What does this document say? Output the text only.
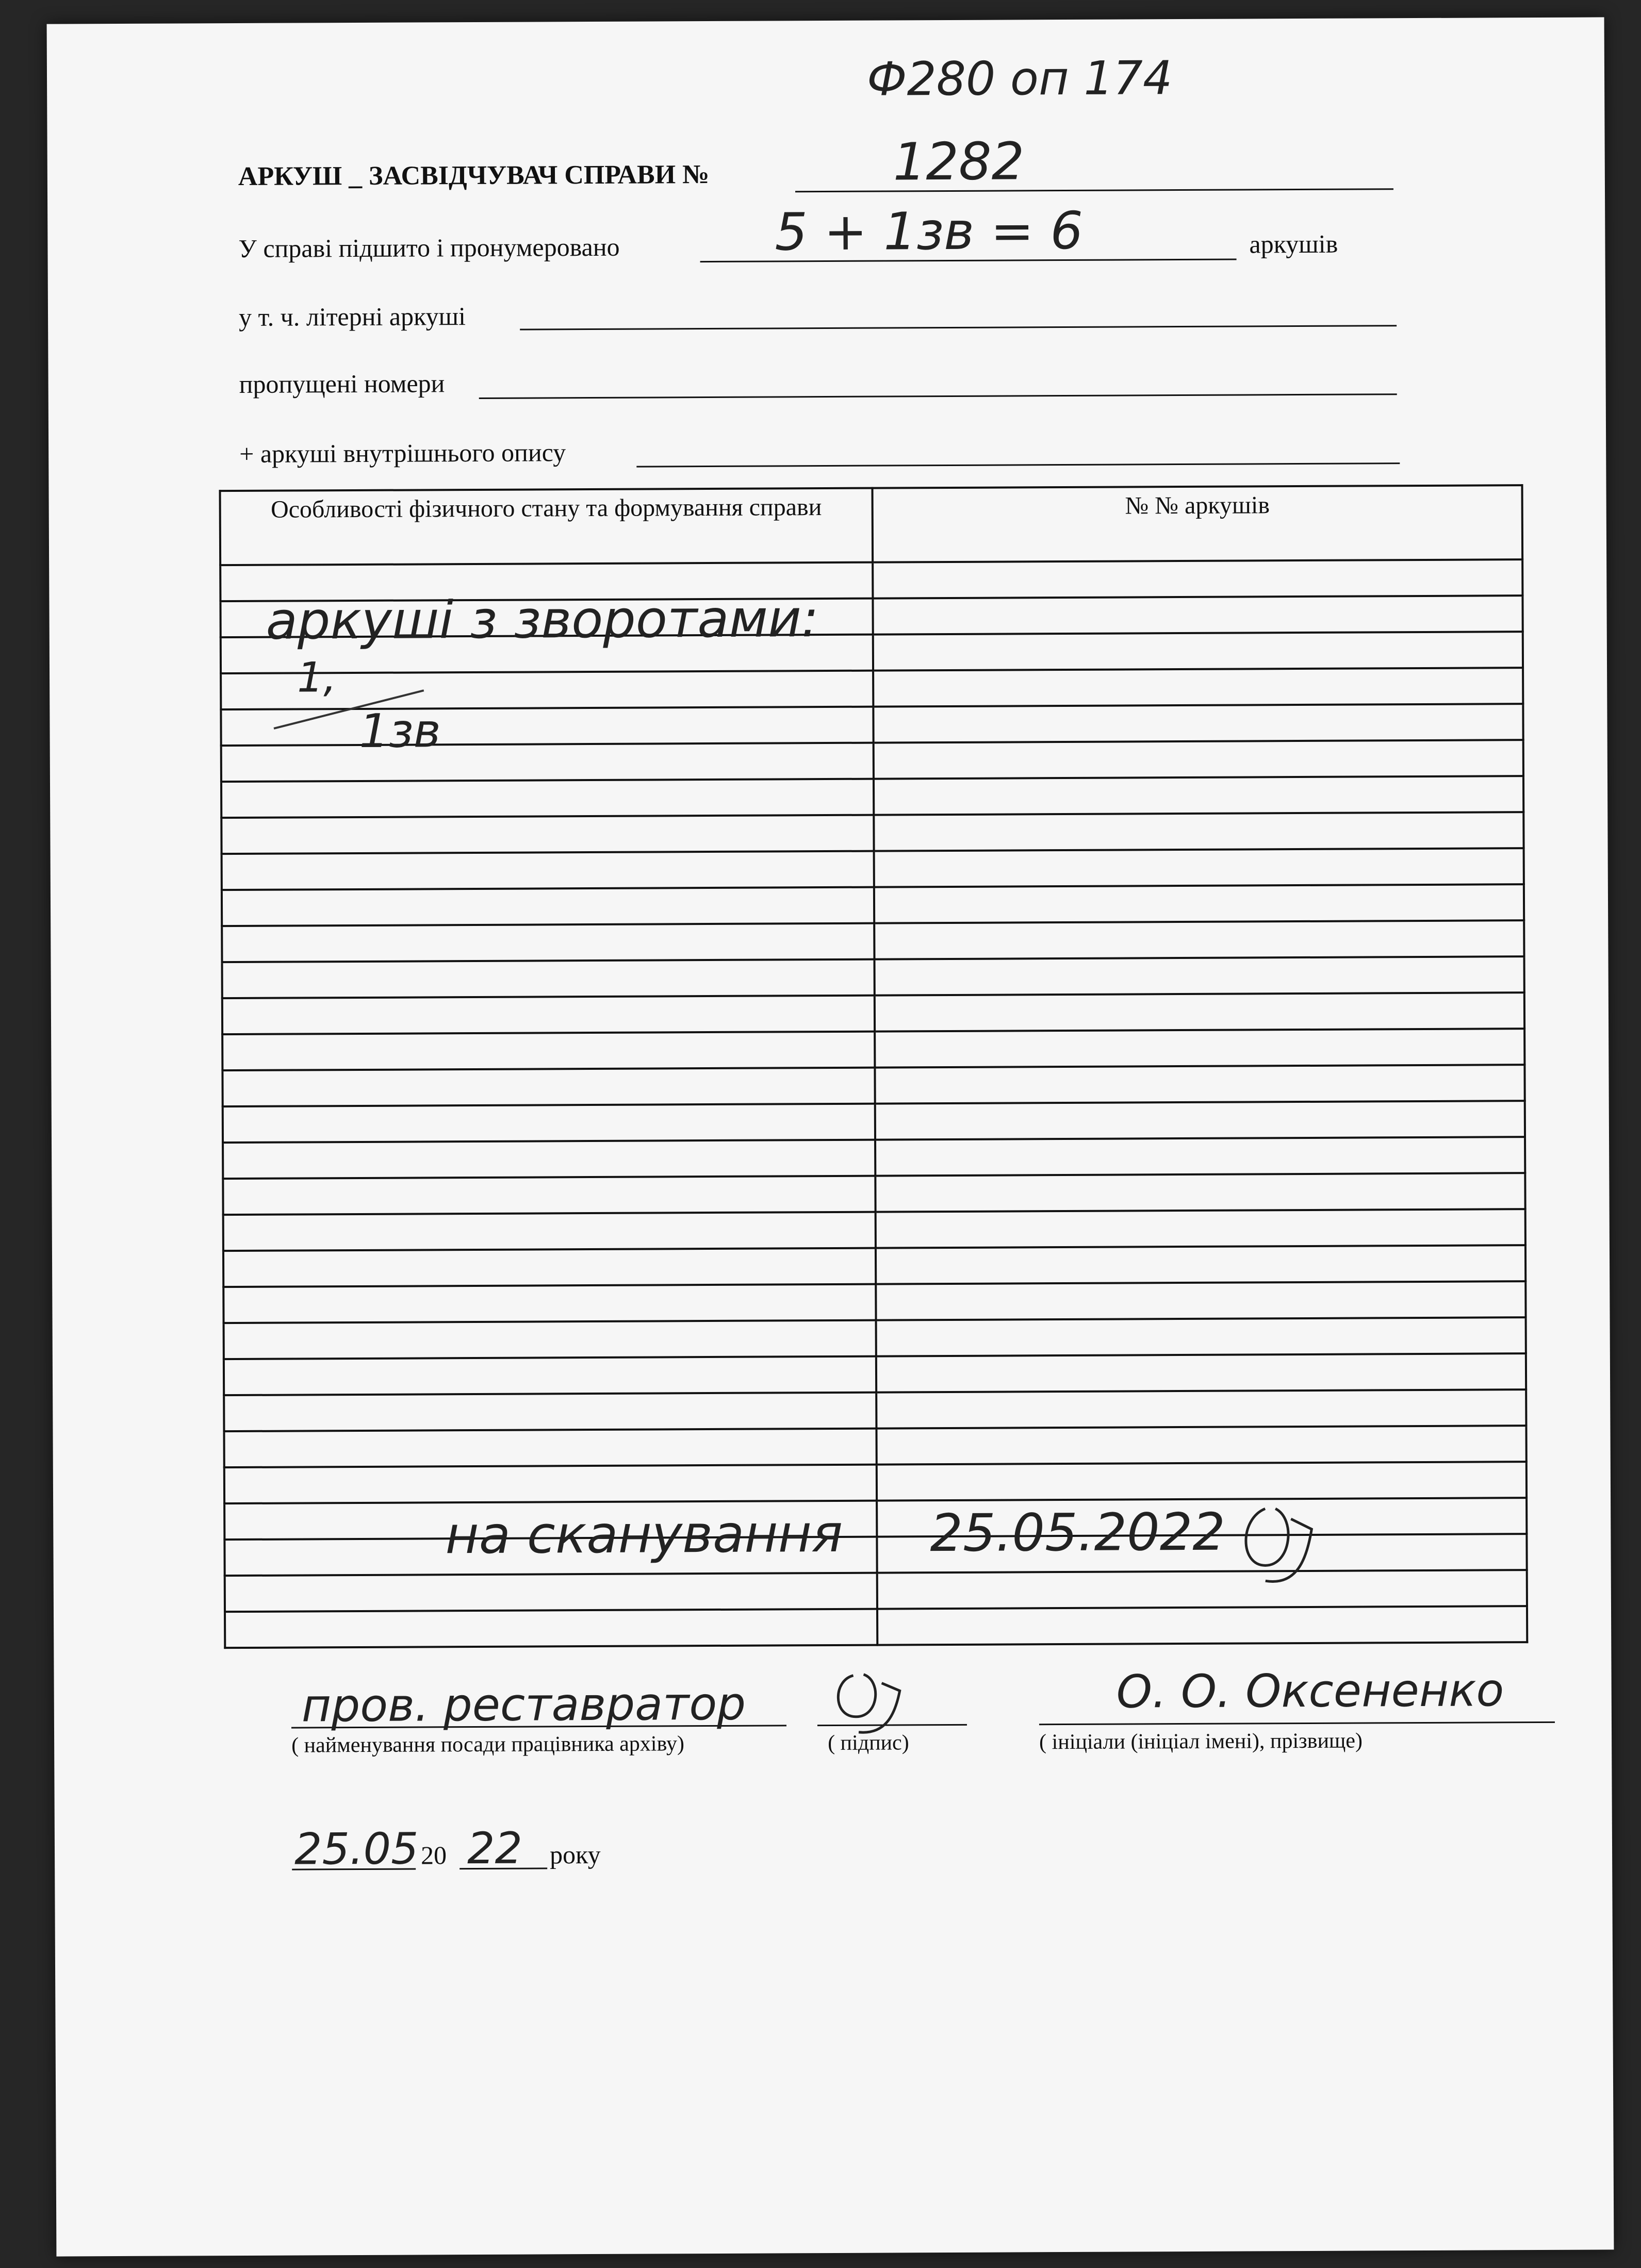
Ф280 оп 174
АРКУШ _ ЗАСВІДЧУВАЧ СПРАВИ №	1282
У справі підшито і пронумеровано	5 + 1зв = 6	аркушів
у т. ч. літерні аркуші
пропущені номери
+ аркуші внутрішнього опису
Особливості фізичного стану та формування справи	№ № аркушів

аркуші з зворотами:
1,
1зв
на сканування 25.05.2022
пров. реставратор
( найменування посади працівника архіву)	( підпис)
О. О. Оксененко
( ініціали (ініціал імені), прізвище)
25.05 20 22 року
